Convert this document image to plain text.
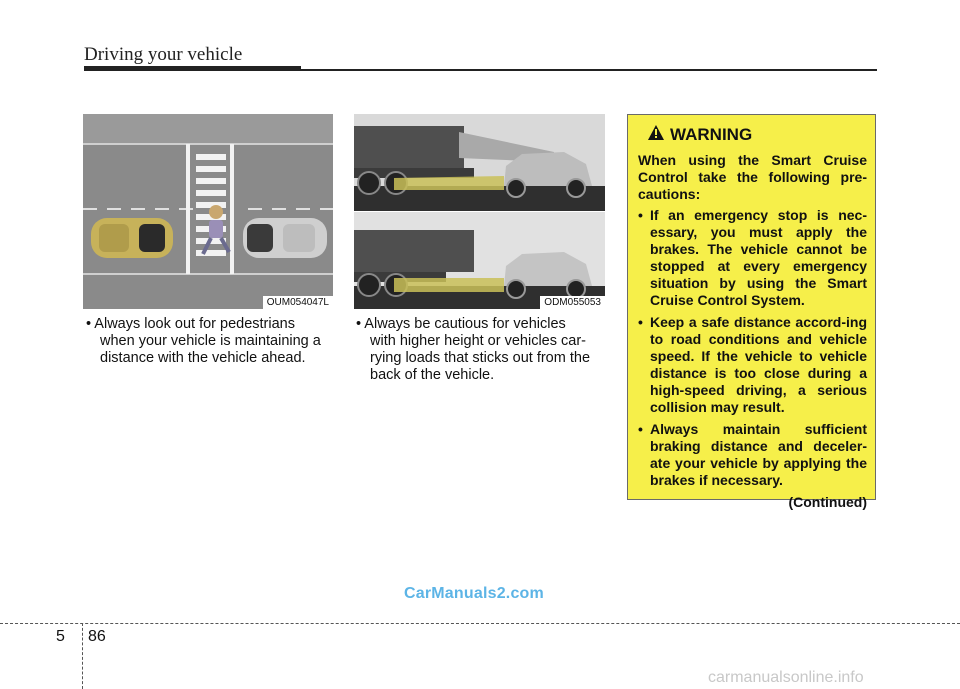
Driving your vehicle
OUM054047L	ODM055053
• Always look out for pedestrians
when your vehicle is maintaining a
distance with the vehicle ahead.
• Always be cautious for vehicles
with higher height or vehicles car-
rying loads that sticks out from the
back of the vehicle.
WARNING

When using the Smart Cruise Control take the following pre-cautions:

• If an emergency stop is nec-essary, you must apply the brakes. The vehicle cannot be stopped at every emergency situation by using the Smart Cruise Control System.
• Keep a safe distance accord-ing to road conditions and vehicle speed. If the vehicle to vehicle distance is too close during a high-speed driving, a serious collision may result.
• Always maintain sufficient braking distance and deceler-ate your vehicle by applying the brakes if necessary.
(Continued)
CarManuals2.com
5 86
carmanualsonline.info
